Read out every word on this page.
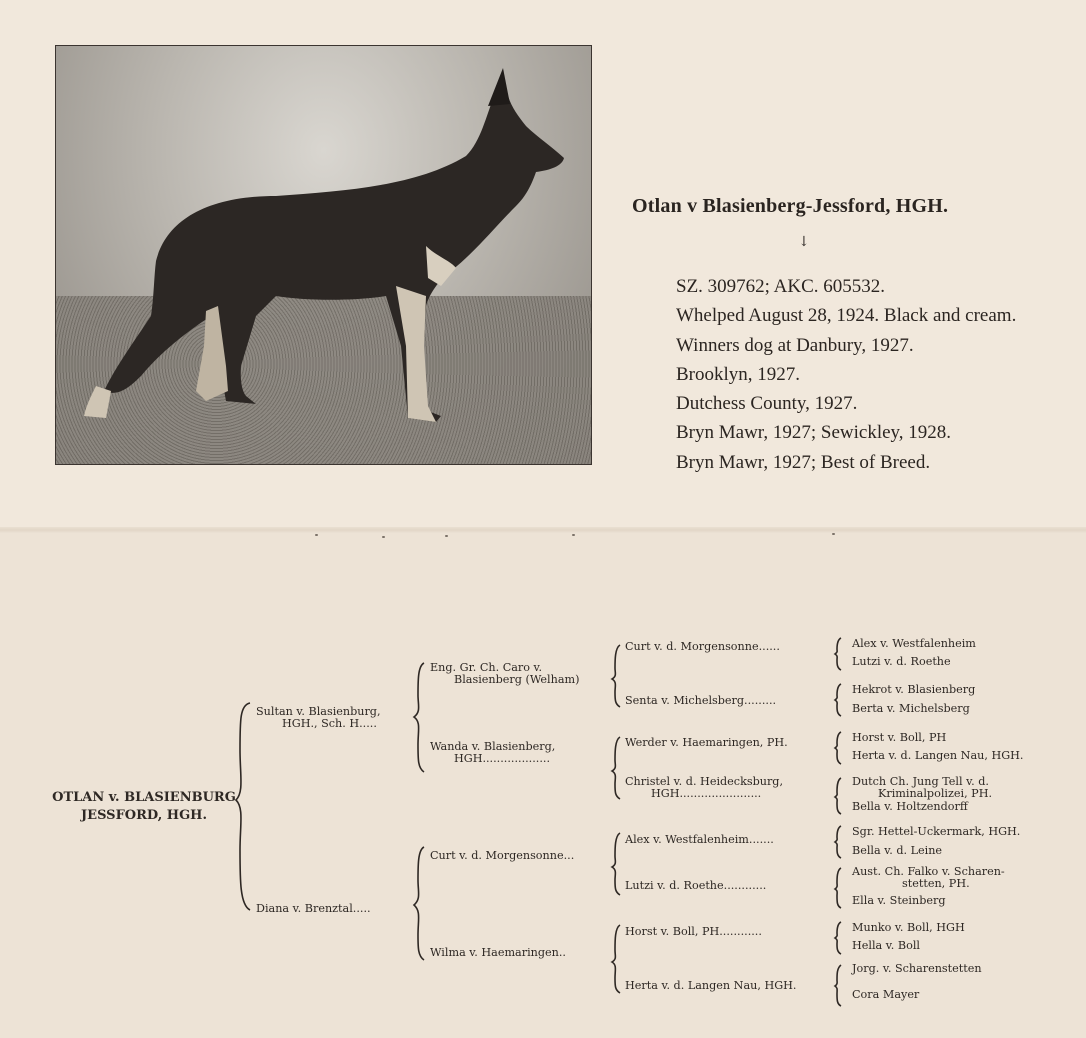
Otlan v Blasienberg-Jessford, HGH.
↓
SZ. 309762; AKC. 605532.
Whelped August 28, 1924. Black and cream.
Winners dog at Danbury, 1927.
Brooklyn, 1927.
Dutchess County, 1927.
Bryn Mawr, 1927; Sewickley, 1928.
Bryn Mawr, 1927; Best of Breed.
OTLAN v. BLASIENBURG
JESSFORD, HGH.
Sultan v. Blasienburg,
HGH., Sch. H.....
Diana v. Brenztal.....
Eng. Gr. Ch. Caro v.
Blasienberg (Welham)
Wanda v. Blasienberg,
HGH...................
Curt v. d. Morgensonne...
Wilma v. Haemaringen..
Curt v. d. Morgensonne......
Senta v. Michelsberg.........
Werder v. Haemaringen, PH.
Christel v. d. Heidecksburg,
HGH.......................
Alex v. Westfalenheim.......
Lutzi v. d. Roethe............
Horst v. Boll, PH............
Herta v. d. Langen Nau, HGH.
Alex v. Westfalenheim
Lutzi v. d. Roethe
Hekrot v. Blasienberg
Berta v. Michelsberg
Horst v. Boll, PH
Herta v. d. Langen Nau, HGH.
Dutch Ch. Jung Tell v. d.
Kriminalpolizei, PH.
Bella v. Holtzendorff
Sgr. Hettel-Uckermark, HGH.
Bella v. d. Leine
Aust. Ch. Falko v. Scharen-
stetten, PH.
Ella v. Steinberg
Munko v. Boll, HGH
Hella v. Boll
Jorg. v. Scharenstetten
Cora Mayer
